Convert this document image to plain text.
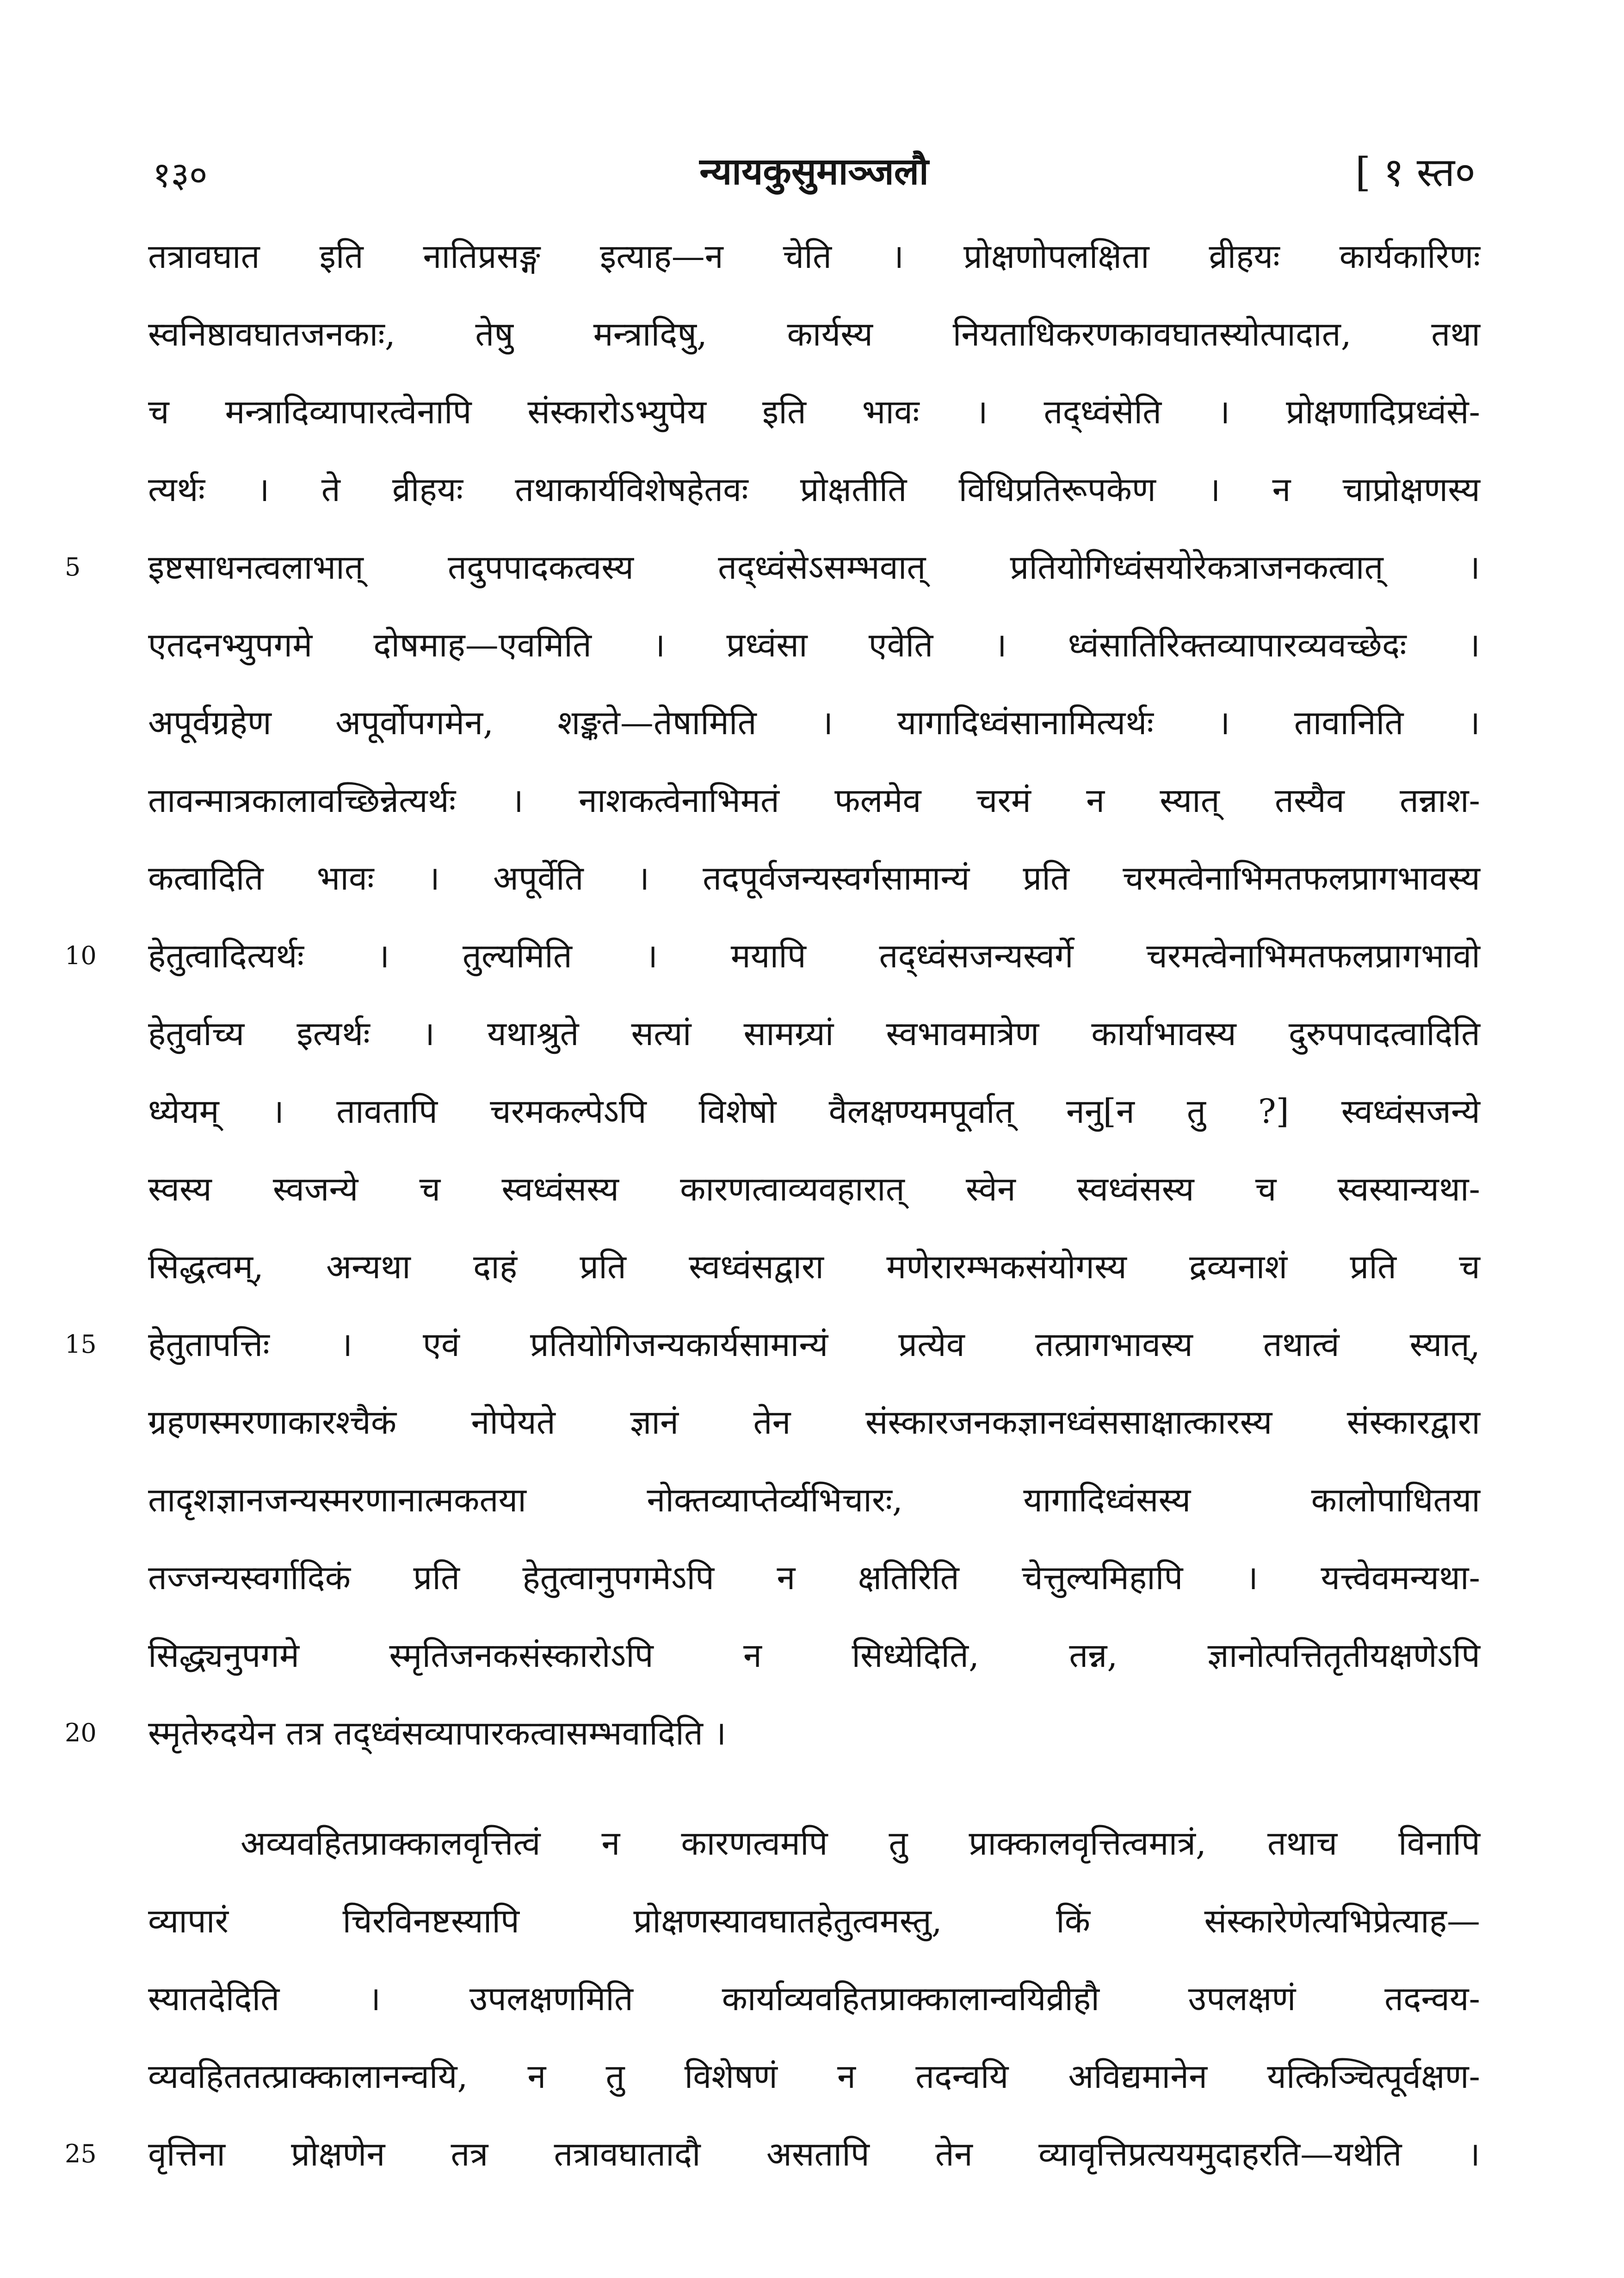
१३०	न्यायकुसुमाञ्जलौ	[ १ स्त०
तत्रावघात इति नातिप्रसङ्ग इत्याह—न चेति । प्रोक्षणोपलक्षिता व्रीहयः कार्यकारिणः
स्वनिष्ठावघातजनकाः, तेषु मन्त्रादिषु, कार्यस्य नियताधिकरणकावघातस्योत्पादात, तथा
च मन्त्रादिव्यापारत्वेनापि संस्कारोऽभ्युपेय इति भावः । तद्ध्वंसेति । प्रोक्षणादिप्रध्वंसे-
त्यर्थः । ते व्रीहयः तथाकार्यविशेषहेतवः प्रोक्षतीति विधिप्रतिरूपकेण । न चाप्रोक्षणस्य
5	इष्टसाधनत्वलाभात् तदुपपादकत्वस्य तद्ध्वंसेऽसम्भवात् प्रतियोगिध्वंसयोरेकत्राजनकत्वात् ।
एतदनभ्युपगमे दोषमाह—एवमिति । प्रध्वंसा एवेति । ध्वंसातिरिक्तव्यापारव्यवच्छेदः ।
अपूर्वग्रहेण अपूर्वोपगमेन, शङ्कते—तेषामिति । यागादिध्वंसानामित्यर्थः । तावानिति ।
तावन्मात्रकालावच्छिन्नेत्यर्थः । नाशकत्वेनाभिमतं फलमेव चरमं न स्यात् तस्यैव तन्नाश-
कत्वादिति भावः । अपूर्वेति । तदपूर्वजन्यस्वर्गसामान्यं प्रति चरमत्वेनाभिमतफलप्रागभावस्य
10	हेतुत्वादित्यर्थः । तुल्यमिति । मयापि तद्ध्वंसजन्यस्वर्गे चरमत्वेनाभिमतफलप्रागभावो
हेतुर्वाच्य इत्यर्थः । यथाश्रुते सत्यां सामग्र्यां स्वभावमात्रेण कार्याभावस्य दुरुपपादत्वादिति
ध्येयम् । तावतापि चरमकल्पेऽपि विशेषो वैलक्षण्यमपूर्वात् ननु[न तु ?] स्वध्वंसजन्ये
स्वस्य स्वजन्ये च स्वध्वंसस्य कारणत्वाव्यवहारात् स्वेन स्वध्वंसस्य च स्वस्यान्यथा-
सिद्धत्वम्, अन्यथा दाहं प्रति स्वध्वंसद्वारा मणेरारम्भकसंयोगस्य द्रव्यनाशं प्रति च
15	हेतुतापत्तिः । एवं प्रतियोगिजन्यकार्यसामान्यं प्रत्येव तत्प्रागभावस्य तथात्वं स्यात्,
ग्रहणस्मरणाकारश्चैकं नोपेयते ज्ञानं तेन संस्कारजनकज्ञानध्वंससाक्षात्कारस्य संस्कारद्वारा
तादृशज्ञानजन्यस्मरणानात्मकतया नोक्तव्याप्तेर्व्यभिचारः, यागादिध्वंसस्य कालोपाधितया
तज्जन्यस्वर्गादिकं प्रति हेतुत्वानुपगमेऽपि न क्षतिरिति चेत्तुल्यमिहापि । यत्त्वेवमन्यथा-
सिद्ध्यनुपगमे स्मृतिजनकसंस्कारोऽपि न सिध्येदिति, तन्न, ज्ञानोत्पत्तितृतीयक्षणेऽपि
20	स्मृतेरुदयेन तत्र तद्ध्वंसव्यापारकत्वासम्भवादिति ।
अव्यवहितप्राक्कालवृत्तित्वं न कारणत्वमपि तु प्राक्कालवृत्तित्वमात्रं, तथाच विनापि
व्यापारं चिरविनष्टस्यापि प्रोक्षणस्यावघातहेतुत्वमस्तु, किं संस्कारेणेत्यभिप्रेत्याह—
स्यातदेदिति । उपलक्षणमिति कार्याव्यवहितप्राक्कालान्वयिव्रीहौ उपलक्षणं तदन्वय-
व्यवहिततत्प्राक्कालानन्वयि, न तु विशेषणं न तदन्वयि अविद्यमानेन यत्किञ्चित्पूर्वक्षण-
25	वृत्तिना प्रोक्षणेन तत्र तत्रावघातादौ असतापि तेन व्यावृत्तिप्रत्ययमुदाहरति—यथेति ।
